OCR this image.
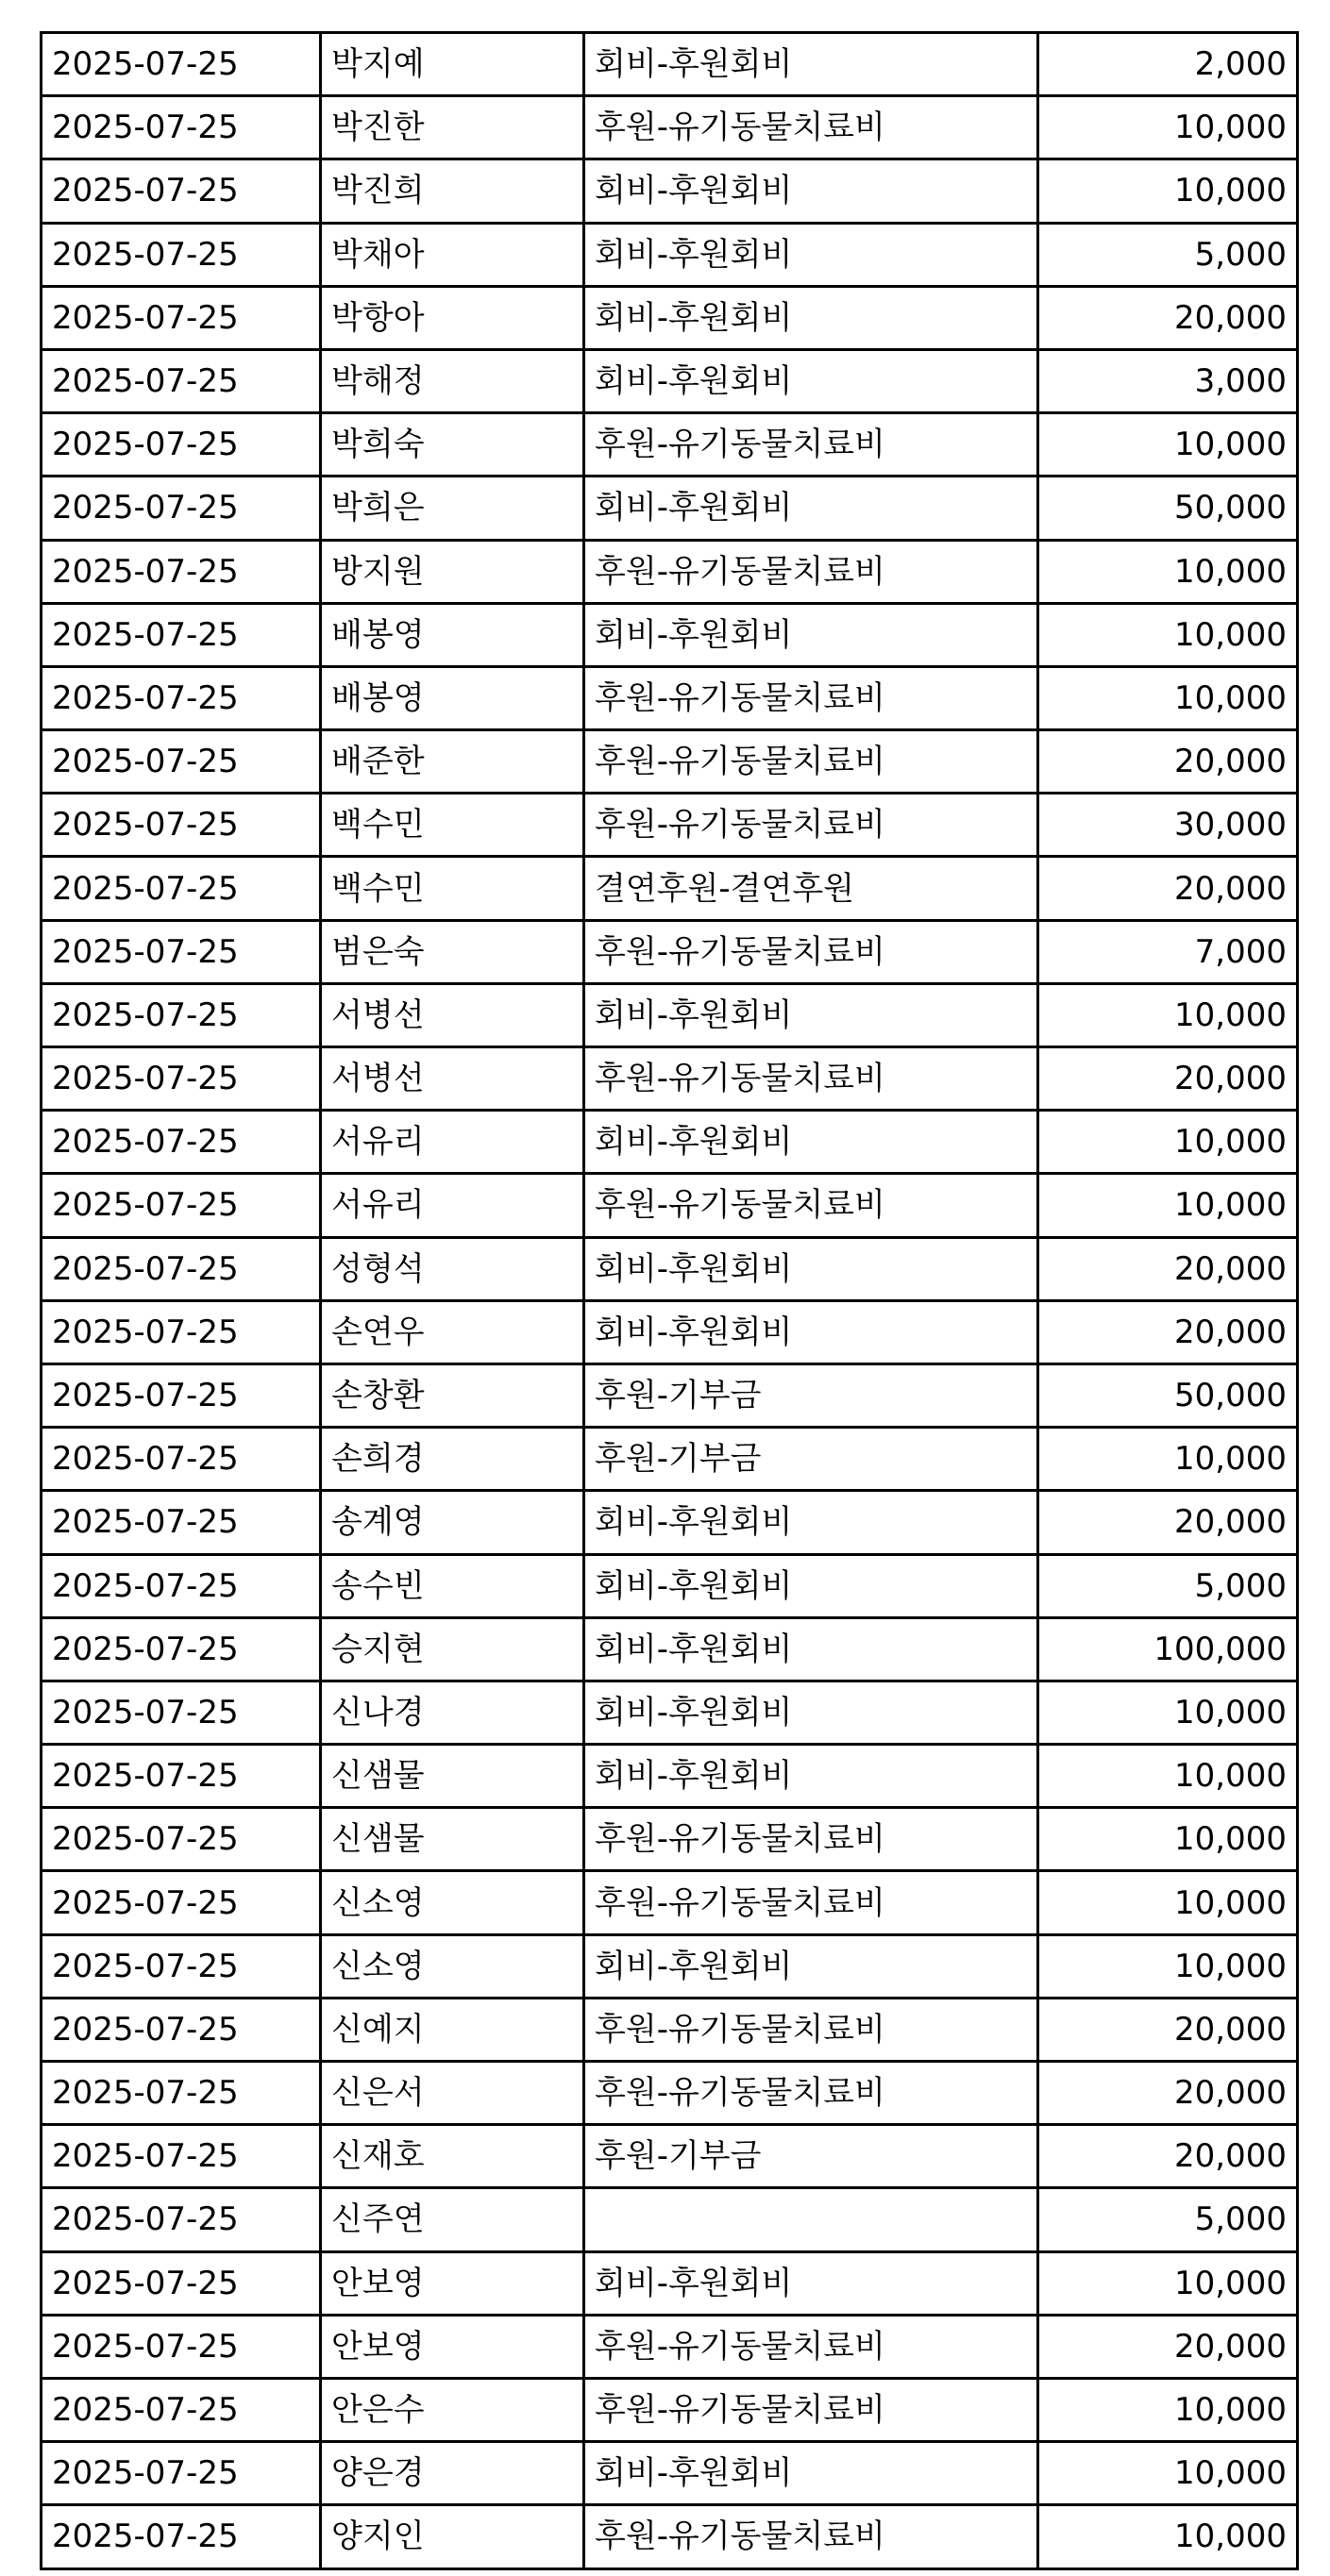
2025-07-25	박지예	회비-후원회비	2,000
2025-07-25	박진한	후원-유기동물치료비	10,000
2025-07-25	박진희	회비-후원회비	10,000
2025-07-25	박채아	회비-후원회비	5,000
2025-07-25	박항아	회비-후원회비	20,000
2025-07-25	박해정	회비-후원회비	3,000
2025-07-25	박희숙	후원-유기동물치료비	10,000
2025-07-25	박희은	회비-후원회비	50,000
2025-07-25	방지원	후원-유기동물치료비	10,000
2025-07-25	배봉영	회비-후원회비	10,000
2025-07-25	배봉영	후원-유기동물치료비	10,000
2025-07-25	배준한	후원-유기동물치료비	20,000
2025-07-25	백수민	후원-유기동물치료비	30,000
2025-07-25	백수민	결연후원-결연후원	20,000
2025-07-25	범은숙	후원-유기동물치료비	7,000
2025-07-25	서병선	회비-후원회비	10,000
2025-07-25	서병선	후원-유기동물치료비	20,000
2025-07-25	서유리	회비-후원회비	10,000
2025-07-25	서유리	후원-유기동물치료비	10,000
2025-07-25	성형석	회비-후원회비	20,000
2025-07-25	손연우	회비-후원회비	20,000
2025-07-25	손창환	후원-기부금	50,000
2025-07-25	손희경	후원-기부금	10,000
2025-07-25	송계영	회비-후원회비	20,000
2025-07-25	송수빈	회비-후원회비	5,000
2025-07-25	승지현	회비-후원회비	100,000
2025-07-25	신나경	회비-후원회비	10,000
2025-07-25	신샘물	회비-후원회비	10,000
2025-07-25	신샘물	후원-유기동물치료비	10,000
2025-07-25	신소영	후원-유기동물치료비	10,000
2025-07-25	신소영	회비-후원회비	10,000
2025-07-25	신예지	후원-유기동물치료비	20,000
2025-07-25	신은서	후원-유기동물치료비	20,000
2025-07-25	신재호	후원-기부금	20,000
2025-07-25	신주연		5,000
2025-07-25	안보영	회비-후원회비	10,000
2025-07-25	안보영	후원-유기동물치료비	20,000
2025-07-25	안은수	후원-유기동물치료비	10,000
2025-07-25	양은경	회비-후원회비	10,000
2025-07-25	양지인	후원-유기동물치료비	10,000
